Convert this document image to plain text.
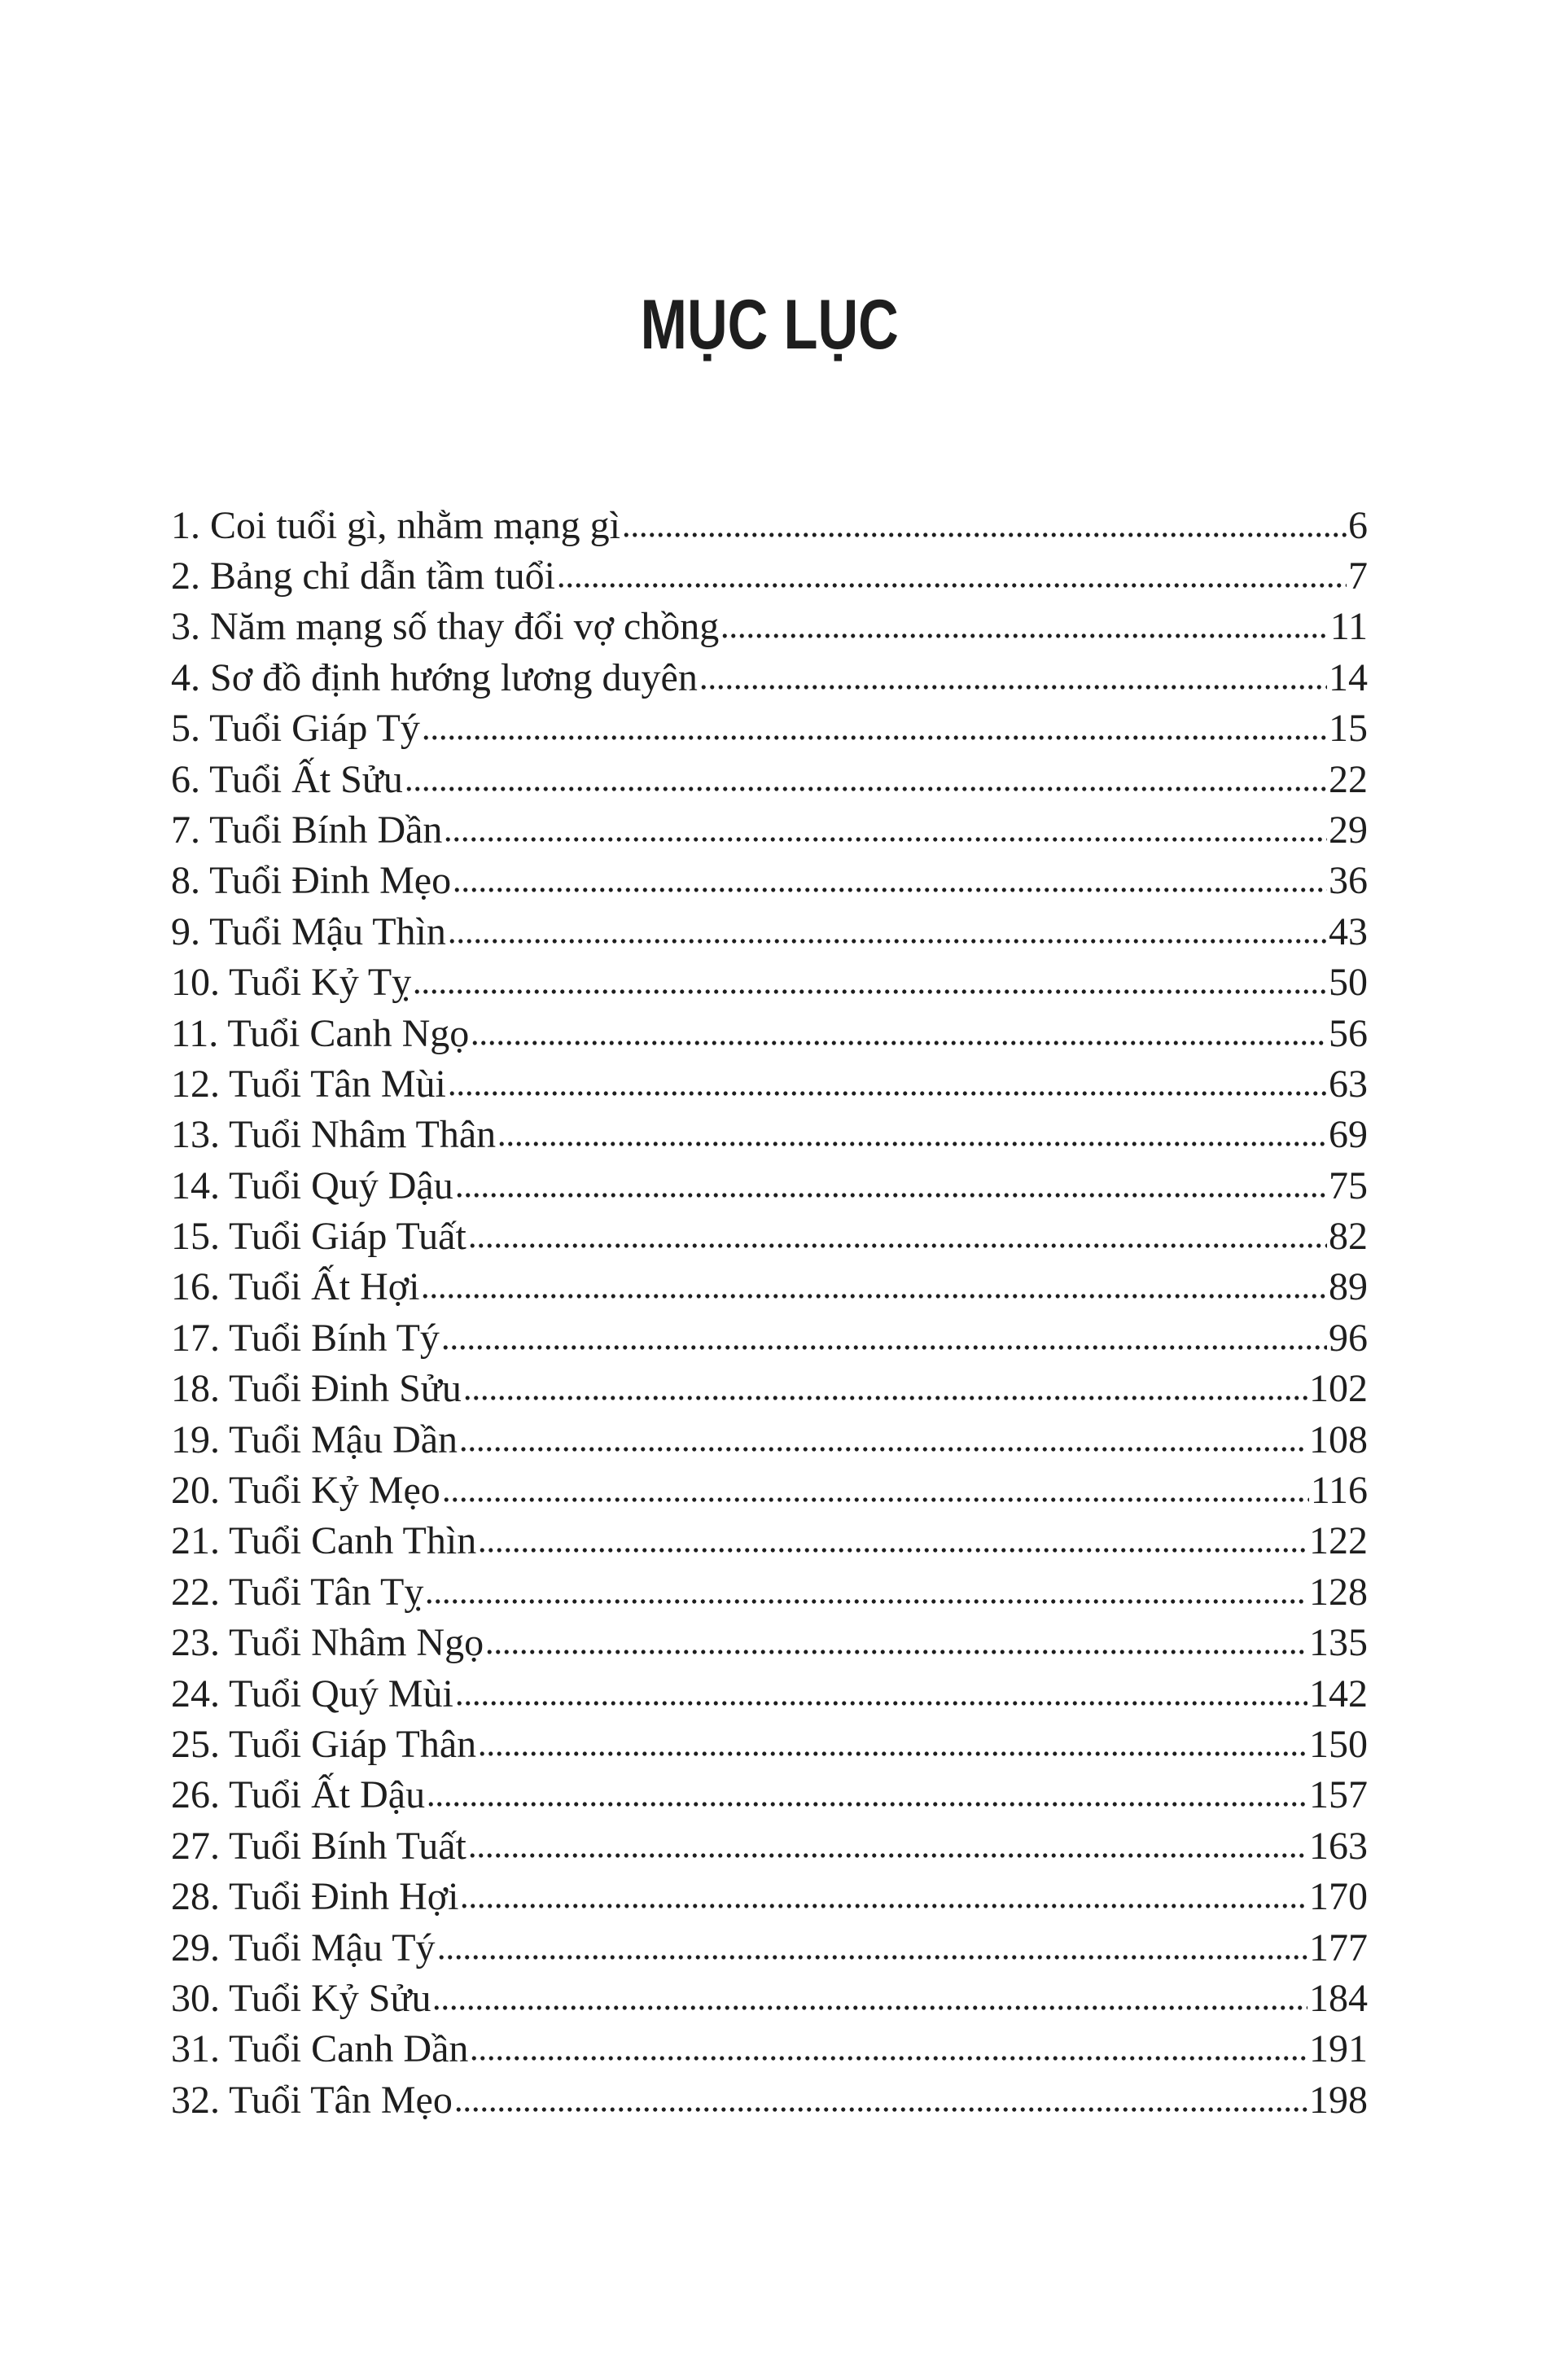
MỤC LỤC
1. Coi tuổi gì, nhằm mạng gì	6
2. Bảng chỉ dẫn tầm tuổi	7
3. Năm mạng số thay đổi vợ chồng	11
4. Sơ đồ định hướng lương duyên	14
5. Tuổi Giáp Tý	15
6. Tuổi Ất Sửu	22
7. Tuổi Bính Dần	29
8. Tuổi Đinh Mẹo	36
9. Tuổi Mậu Thìn	43
10. Tuổi Kỷ Tỵ	50
11. Tuổi Canh Ngọ	56
12. Tuổi Tân Mùi	63
13. Tuổi Nhâm Thân	69
14. Tuổi Quý Dậu	75
15. Tuổi Giáp Tuất	82
16. Tuổi Ất Hợi	89
17. Tuổi Bính Tý	96
18. Tuổi Đinh Sửu	102
19. Tuổi Mậu Dần	108
20. Tuổi Kỷ Mẹo	116
21. Tuổi Canh Thìn	122
22. Tuổi Tân Tỵ	128
23. Tuổi Nhâm Ngọ	135
24. Tuổi Quý Mùi	142
25. Tuổi Giáp Thân	150
26. Tuổi Ất Dậu	157
27. Tuổi Bính Tuất	163
28. Tuổi Đinh Hợi	170
29. Tuổi Mậu Tý	177
30. Tuổi Kỷ Sửu	184
31. Tuổi Canh Dần	191
32. Tuổi Tân Mẹo	198
